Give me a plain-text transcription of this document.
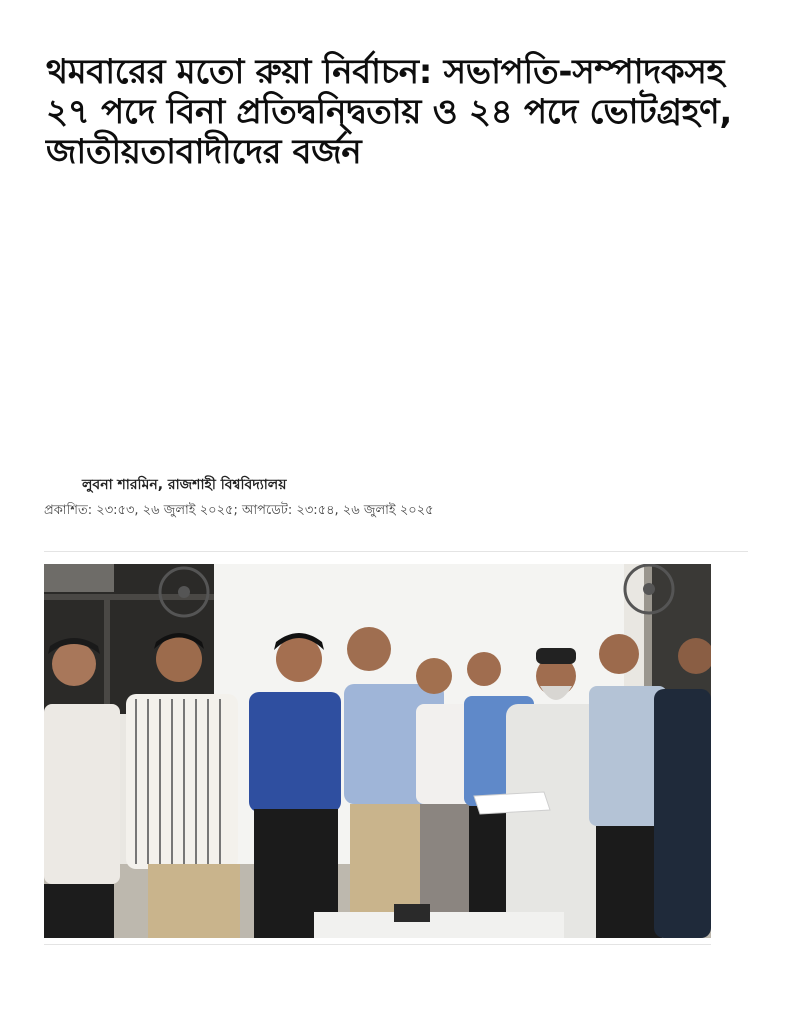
থমবারের মতো রুয়া নির্বাচন: সভাপতি-সম্পাদকসহ ২৭ পদে বিনা প্রতিদ্বন্দ্বিতায় ও ২৪ পদে ভোটগ্রহণ, জাতীয়তাবাদীদের বর্জন
লুবনা শারমিন, রাজশাহী বিশ্ববিদ্যালয়
প্রকাশিত: ২৩:৫৩, ২৬ জুলাই ২০২৫; আপডেট: ২৩:৫৪, ২৬ জুলাই ২০২৫
